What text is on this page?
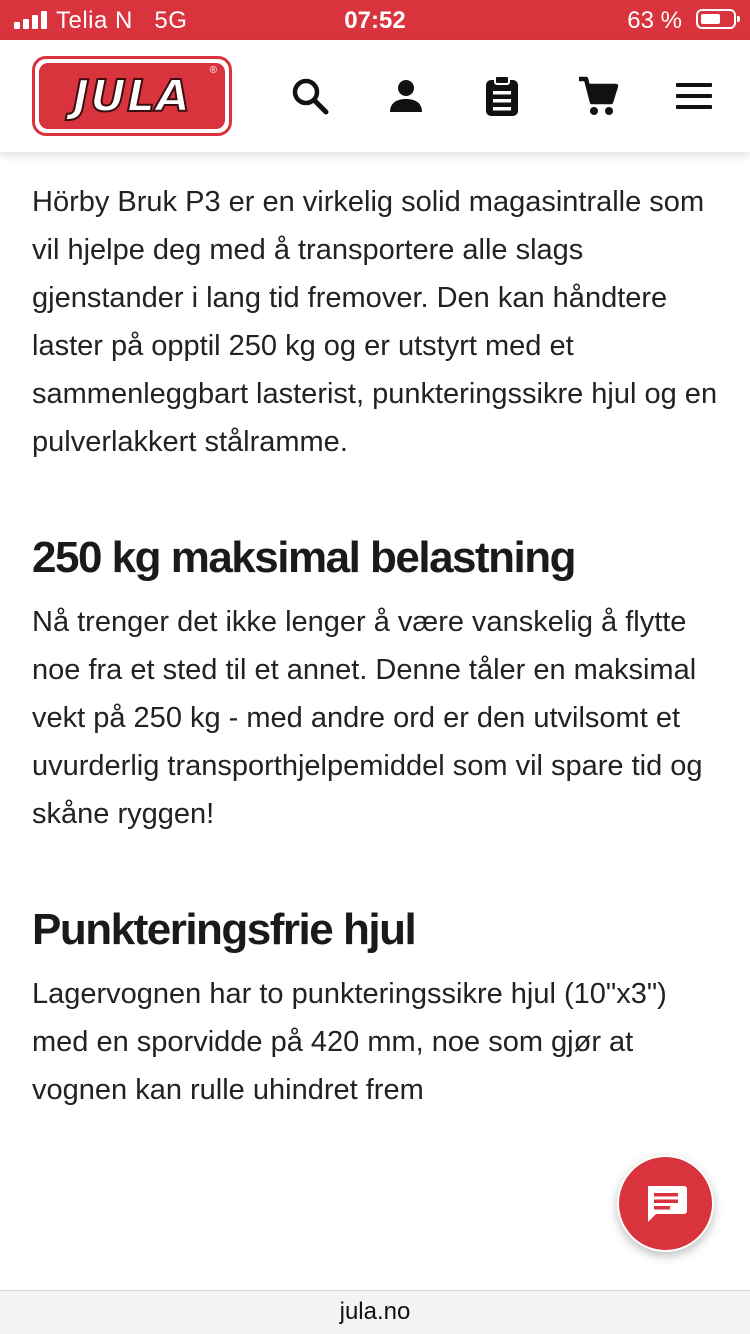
Telia N 5G	07:52	63 %
JULA ®

Hörby Bruk P3 er en virkelig solid magasintralle som vil hjelpe deg med å transportere alle slags gjenstander i lang tid fremover. Den kan håndtere laster på opptil 250 kg og er utstyrt med et sammenleggbart lasterist, punkteringssikre hjul og en pulverlakkert stålramme.

250 kg maksimal belastning

Nå trenger det ikke lenger å være vanskelig å flytte noe fra et sted til et annet. Denne tåler en maksimal vekt på 250 kg - med andre ord er den utvilsomt et uvurderlig transporthjelpemiddel som vil spare tid og skåne ryggen!

Punkteringsfrie hjul

Lagervognen har to punkteringssikre hjul (10"x3") med en sporvidde på 420 mm, noe som gjør at vognen kan rulle uhindret frem

jula.no
